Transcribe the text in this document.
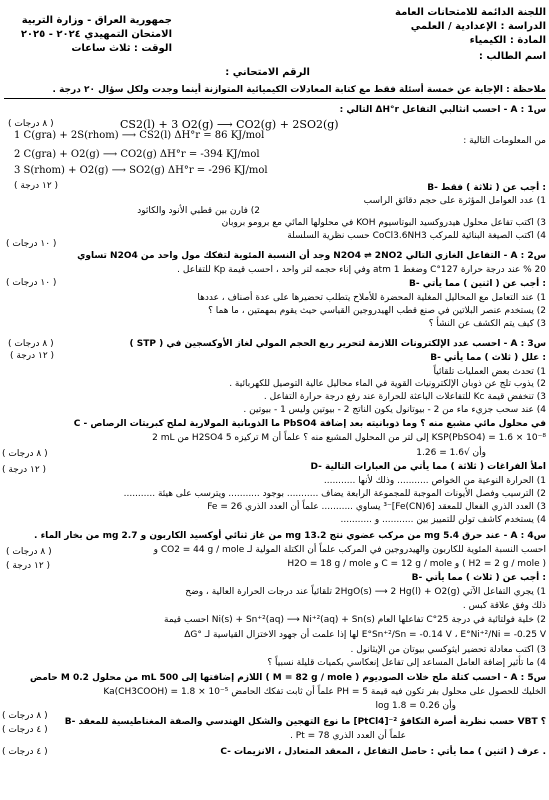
اللجنة الدائمة للامتحانات العامة
الدراسة : الإعدادية / العلمي
المادة : الكيمياء
اسم الطالب :
جمهورية العراق - وزارة التربية
الامتحان التمهيدي ٢٠٢٤ - ٢٠٢٥
الوقت : ثلاث ساعات
الرقم الامتحاني :
ملاحظة : الإجابة عن خمسة أسئلة فقط مع كتابة المعادلات الكيميائية المتوازنة أينما وجدت ولكل سؤال ٢٠ درجة .
س1 : A - احسب انثالبي التفاعل ΔH°r التالي :
CS2(l) + 3 O2(g) ⟶ CO2(g) + 2SO2(g)
من المعلومات التالية :
1 C(gra) + 2S(rhom) ⟶ CS2(l) ΔH°r = 86 KJ/mol
2 C(gra) + O2(g) ⟶ CO2(g) ΔH°r = -394 KJ/mol
3 S(rhom) + O2(g) ⟶ SO2(g) ΔH°r = -296 KJ/mol
( ٨ درجات )
B- أجب عن ( ثلاثة ) فقط :
( ١٢ درجة )
1) عدد العوامل المؤثرة على حجم دقائق الراسب
2) فارن بين قطبي الأنود والكاثود
3) اكتب تفاعل محلول هيدروكسيد البوتاسيوم KOH في محلولها المائي مع برومو بروبان
4) اكتب الصيغة البنائية للمركب CoCl3.6NH3 حسب نظرية السلسلة
س2 : A - التفاعل الغازي التالي N2O4 ⇌ 2NO2 وجد أن النسبة المئوية لتفكك مول واحد من N2O4 تساوي
20 % عند درجة حرارة 127°C وضغط 1 atm وفي إناء حجمه لتر واحد ، احسب قيمة Kp للتفاعل .
( ١٠ درجات )
B- أجب عن ( اثنين ) مما يأتي :
( ١٠ درجات )
1) عند التعامل مع المحاليل المغلية المحضرة للأملاح يتطلب تحضيرها على عدة أصناف ، عددها
2) يستخدم عنصر البلاتين في صنع قطب الهيدروجين القياسي حيث يقوم بمهمتين ، ما هما ؟
3) كيف يتم الكشف عن النشأ ؟
س3 : A - احسب عدد الإلكترونات اللازمة لتحرير ربع الحجم المولي لغاز الأوكسجين في ( STP )
( ٨ درجات )
B- علل ( ثلاث ) مما يأتي :
( ١٢ درجة )
1) تحدث بعض العمليات تلقائياً
2) يذوب تلج عن ذوبان الإلكترونيات القوية في الماء محاليل عالية التوصيل للكهربائية .
3) تنخفض قيمة Kc للتفاعلات الباعثة للحرارة عند رفع درجة حرارة التفاعل .
4) عند سحب جزيء ماء من 2 - بيوتانول يكون الناتج 2 - بيوتين وليس 1 - بيوتين .
C - ما الذوبانية المولارية لملح كبريتات الرصاص PbSO4 في محلول مائي مشبع منه ؟ وما ذوبانيته بعد إضافة
2 mL من H2SO4 تركيزه 5 M إلى لتر من المحلول المشبع منه ؟ علماً أن KSP(PbSO4) = 1.6 × 10⁻⁸
وأن √1.6 = 1.26
( ٨ درجات )
D- املأ الفراغات ( ثلاثة ) مما يأتي من العبارات التالية
( ١٢ درجة )
1) الحرارة النوعية من الخواص ........... وذلك لأنها ...........
2) الترسيب وفصل الأيونات الموجبة للمجموعة الرابعة يضاف ........... بوجود ........... ويترسب على هيئة ...........
3) العدد الذري الفعال للمعقد [Fe(CN)6]⁻³ يساوي ........... علماً أن العدد الذري Fe = 26
4) يستخدم كاشف تولن للتمييز بين ........... و ...........
س4 : A - عند حرق 5.4 mg من مركب عضوي نتج 13.2 mg من غاز ثنائي أوكسيد الكاربون و 2.7 mg من بخار الماء .
احسب النسبة المئوية للكاربون والهيدروجين في المركب علماً أن الكتلة المولية لـ CO2 = 44 g / mole و
H2O = 18 g / mole و C = 12 g / mole و ( H2 = 2 g / mole )
( ٨ درجات )
B- أجب عن ( ثلاث ) مما يأتي :
( ١٢ درجة )
1) يجري التفاعل الآتي 2HgO(s) ⟶ 2 Hg(l) + O2(g) تلقائياً عند درجات الحرارة العالية ، وضح
ذلك وفق علاقة كبس .
2) خلية فولتائية في درجة 25°C تفاعلها العام Ni(s) + Sn⁺²(aq) ⟶ Ni⁺²(aq) + Sn(s) احسب قيمة
ΔG° لها إذا علمت أن جهود الاختزال القياسية لـ E°Sn⁺²/Sn = -0.14 V ، E°Ni⁺²/Ni = -0.25 V
3) اكتب معادلة تحضير ايثوكسي بيوتان من الإيثانول .
4) ما تأثير إضافة العامل المساعد إلى تفاعل إنعكاسي بكميات قليلة نسبياً ؟
س5 : A - احسب كتلة ملح خلات الصوديوم ( M = 82 g / mole ) اللازم إضافتها إلى 500 mL من محلول 0.2 M حامض
الخليك للحصول على محلول بفر تكون فيه قيمة PH = 5 علماً أن ثابت تفكك الحامض Ka(CH3COOH) = 1.8 × 10⁻⁵
وأن log 1.8 = 0.26
( ٨ درجات )
B- ما نوع التهجين والشكل الهندسي والصفة المغناطيسية للمعقد [PtCl4]⁻² حسب نظرية أصرة التكافؤ VBT ؟
( ٤ درجات )
علماً أن العدد الذري Pt = 78 .
C- عرف ( اثنين ) مما يأتي : حاصل التفاعل ، المعقد المتعادل ، الانزيمات .
( ٤ درجات )
